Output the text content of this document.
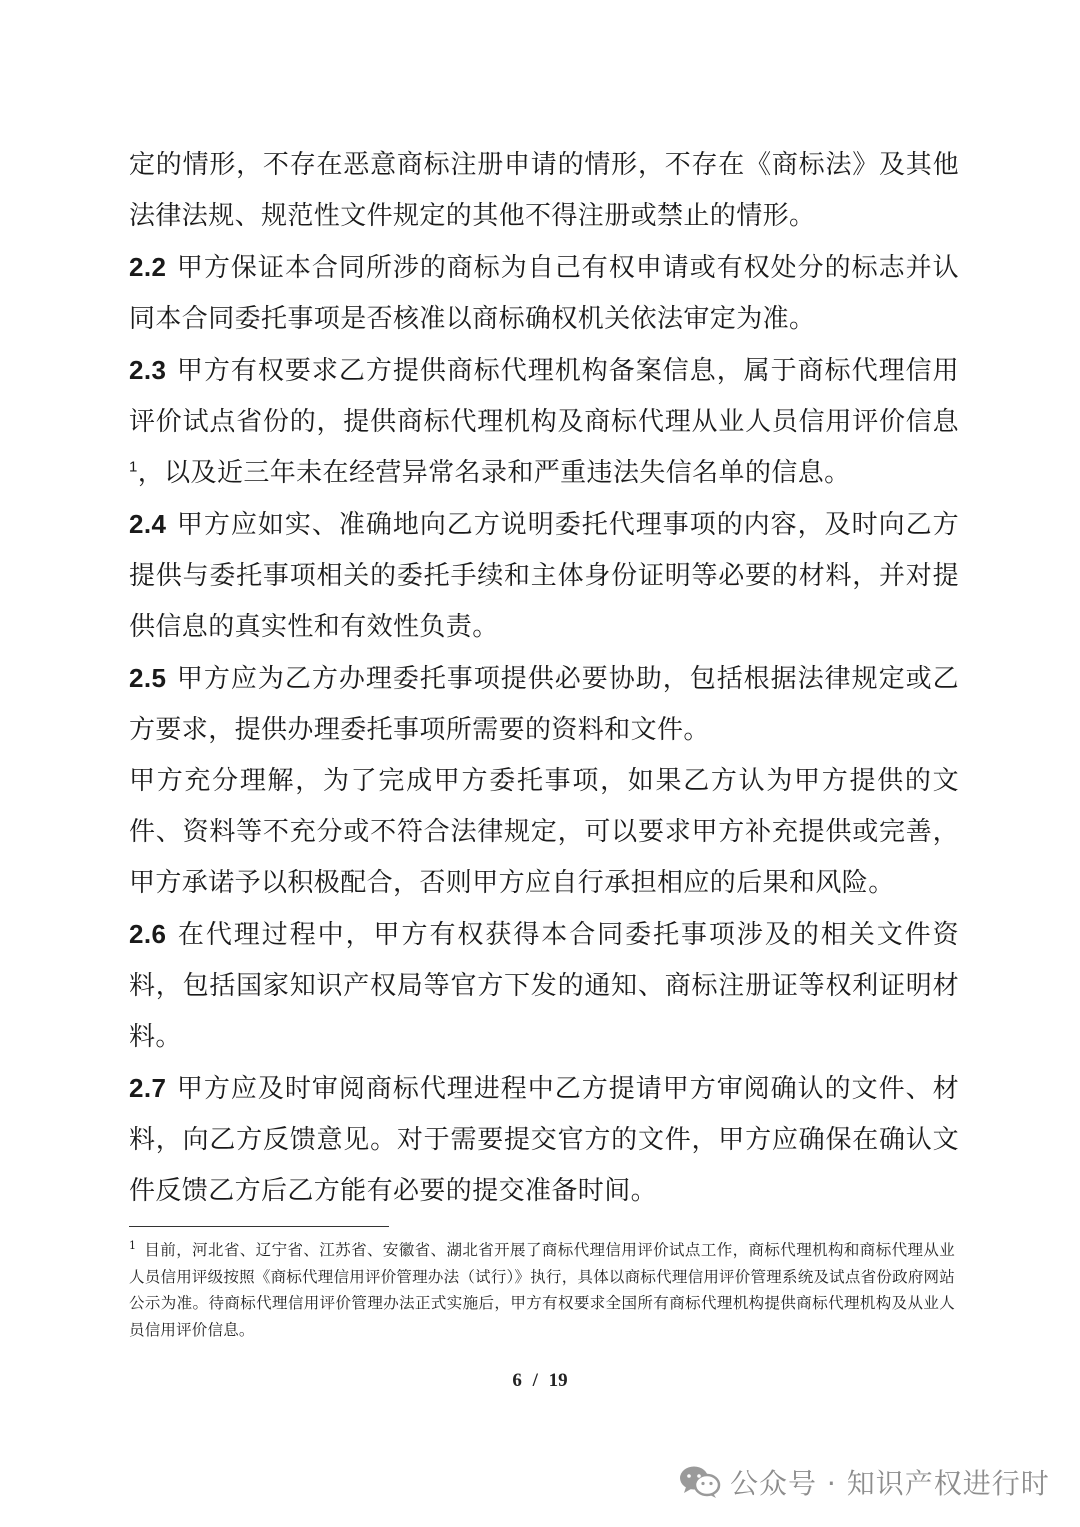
定的情形，不存在恶意商标注册申请的情形，不存在《商标法》及其他法律法规、规范性文件规定的其他不得注册或禁止的情形。

2.2 甲方保证本合同所涉的商标为自己有权申请或有权处分的标志并认同本合同委托事项是否核准以商标确权机关依法审定为准。

2.3 甲方有权要求乙方提供商标代理机构备案信息，属于商标代理信用评价试点省份的，提供商标代理机构及商标代理从业人员信用评价信息$^1$，以及近三年未在经营异常名录和严重违法失信名单的信息。

2.4 甲方应如实、准确地向乙方说明委托代理事项的内容，及时向乙方提供与委托事项相关的委托手续和主体身份证明等必要的材料，并对提供信息的真实性和有效性负责。

2.5 甲方应为乙方办理委托事项提供必要协助，包括根据法律规定或乙方要求，提供办理委托事项所需要的资料和文件。

甲方充分理解，为了完成甲方委托事项，如果乙方认为甲方提供的文件、资料等不充分或不符合法律规定，可以要求甲方补充提供或完善，甲方承诺予以积极配合，否则甲方应自行承担相应的后果和风险。

2.6 在代理过程中，甲方有权获得本合同委托事项涉及的相关文件资料，包括国家知识产权局等官方下发的通知、商标注册证等权利证明材料。

2.7 甲方应及时审阅商标代理进程中乙方提请甲方审阅确认的文件、材料，向乙方反馈意见。对于需要提交官方的文件，甲方应确保在确认文件反馈乙方后乙方能有必要的提交准备时间。

$^1$ 目前，河北省、辽宁省、江苏省、安徽省、湖北省开展了商标代理信用评价试点工作，商标代理机构和商标代理从业人员信用评级按照《商标代理信用评价管理办法（试行）》执行，具体以商标代理信用评价管理系统及试点省份政府网站公示为准。待商标代理信用评价管理办法正式实施后，甲方有权要求全国所有商标代理机构提供商标代理机构及从业人员信用评价信息。
6 / 19
公众号 · 知识产权进行时
